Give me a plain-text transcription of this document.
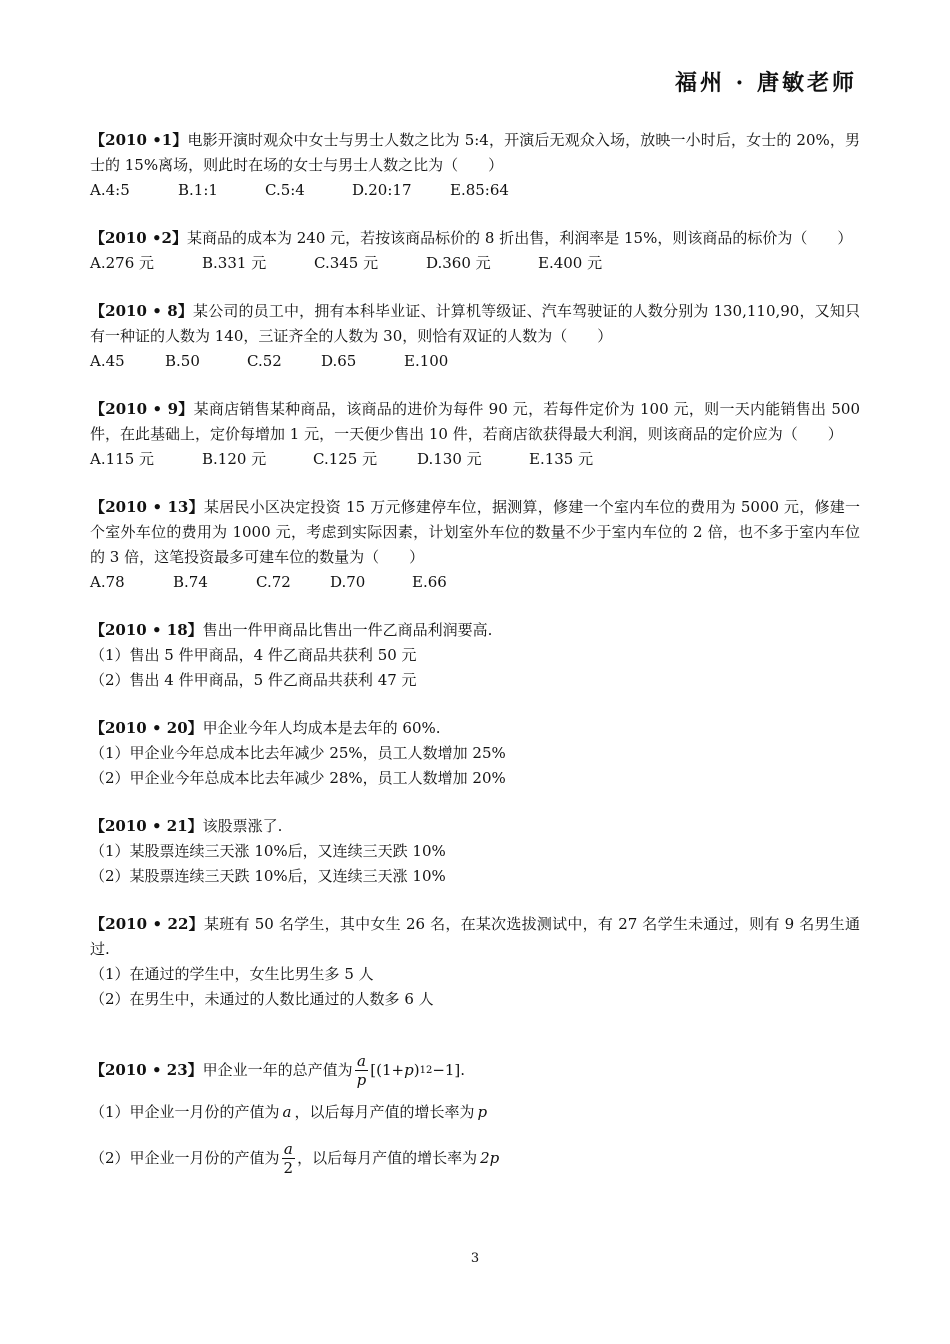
福州 · 唐敏老师
【2010 •1】电影开演时观众中女士与男士人数之比为 5:4，开演后无观众入场，放映一小时后，女士的 20%，男士的 15%离场，则此时在场的女士与男士人数之比为（　　）
A.4:5	B.1:1	C.5:4	D.20:17	E.85:64
【2010 •2】某商品的成本为 240 元，若按该商品标价的 8 折出售，利润率是 15%，则该商品的标价为（　　）
A.276 元	B.331 元	C.345 元	D.360 元	E.400 元
【2010 • 8】某公司的员工中，拥有本科毕业证、计算机等级证、汽车驾驶证的人数分别为 130,110,90，又知只有一种证的人数为 140，三证齐全的人数为 30，则恰有双证的人数为（　　）
A.45	B.50	C.52	D.65	E.100
【2010 • 9】某商店销售某种商品，该商品的进价为每件 90 元，若每件定价为 100 元，则一天内能销售出 500 件，在此基础上，定价每增加 1 元，一天便少售出 10 件，若商店欲获得最大利润，则该商品的定价应为（　　）
A.115 元	B.120 元	C.125 元	D.130 元	E.135 元
【2010 • 13】某居民小区决定投资 15 万元修建停车位，据测算，修建一个室内车位的费用为 5000 元，修建一个室外车位的费用为 1000 元，考虑到实际因素，计划室外车位的数量不少于室内车位的 2 倍，也不多于室内车位的 3 倍，这笔投资最多可建车位的数量为（　　）
A.78	B.74	C.72	D.70	E.66
【2010 • 18】售出一件甲商品比售出一件乙商品利润要高.
（1）售出 5 件甲商品，4 件乙商品共获利 50 元
（2）售出 4 件甲商品，5 件乙商品共获利 47 元
【2010 • 20】甲企业今年人均成本是去年的 60%.
（1）甲企业今年总成本比去年减少 25%，员工人数增加 25%
（2）甲企业今年总成本比去年减少 28%，员工人数增加 20%
【2010 • 21】该股票涨了.
（1）某股票连续三天涨 10%后，又连续三天跌 10%
（2）某股票连续三天跌 10%后，又连续三天涨 10%
【2010 • 22】某班有 50 名学生，其中女生 26 名，在某次选拔测试中，有 27 名学生未通过，则有 9 名男生通过.
（1）在通过的学生中，女生比男生多 5 人
（2）在男生中，未通过的人数比通过的人数多 6 人
【2010 • 23】 甲企业一年的总产值为 $\frac{a}{p} [(1+ p$ ) 12 −1] .
（1）甲企业一月份的产值为 a ，以后每月产值的增长率为 p
（2）甲企业一月份的产值为 $\frac{a}{2}$ ，以后每月产值的增长率为 2p
3
